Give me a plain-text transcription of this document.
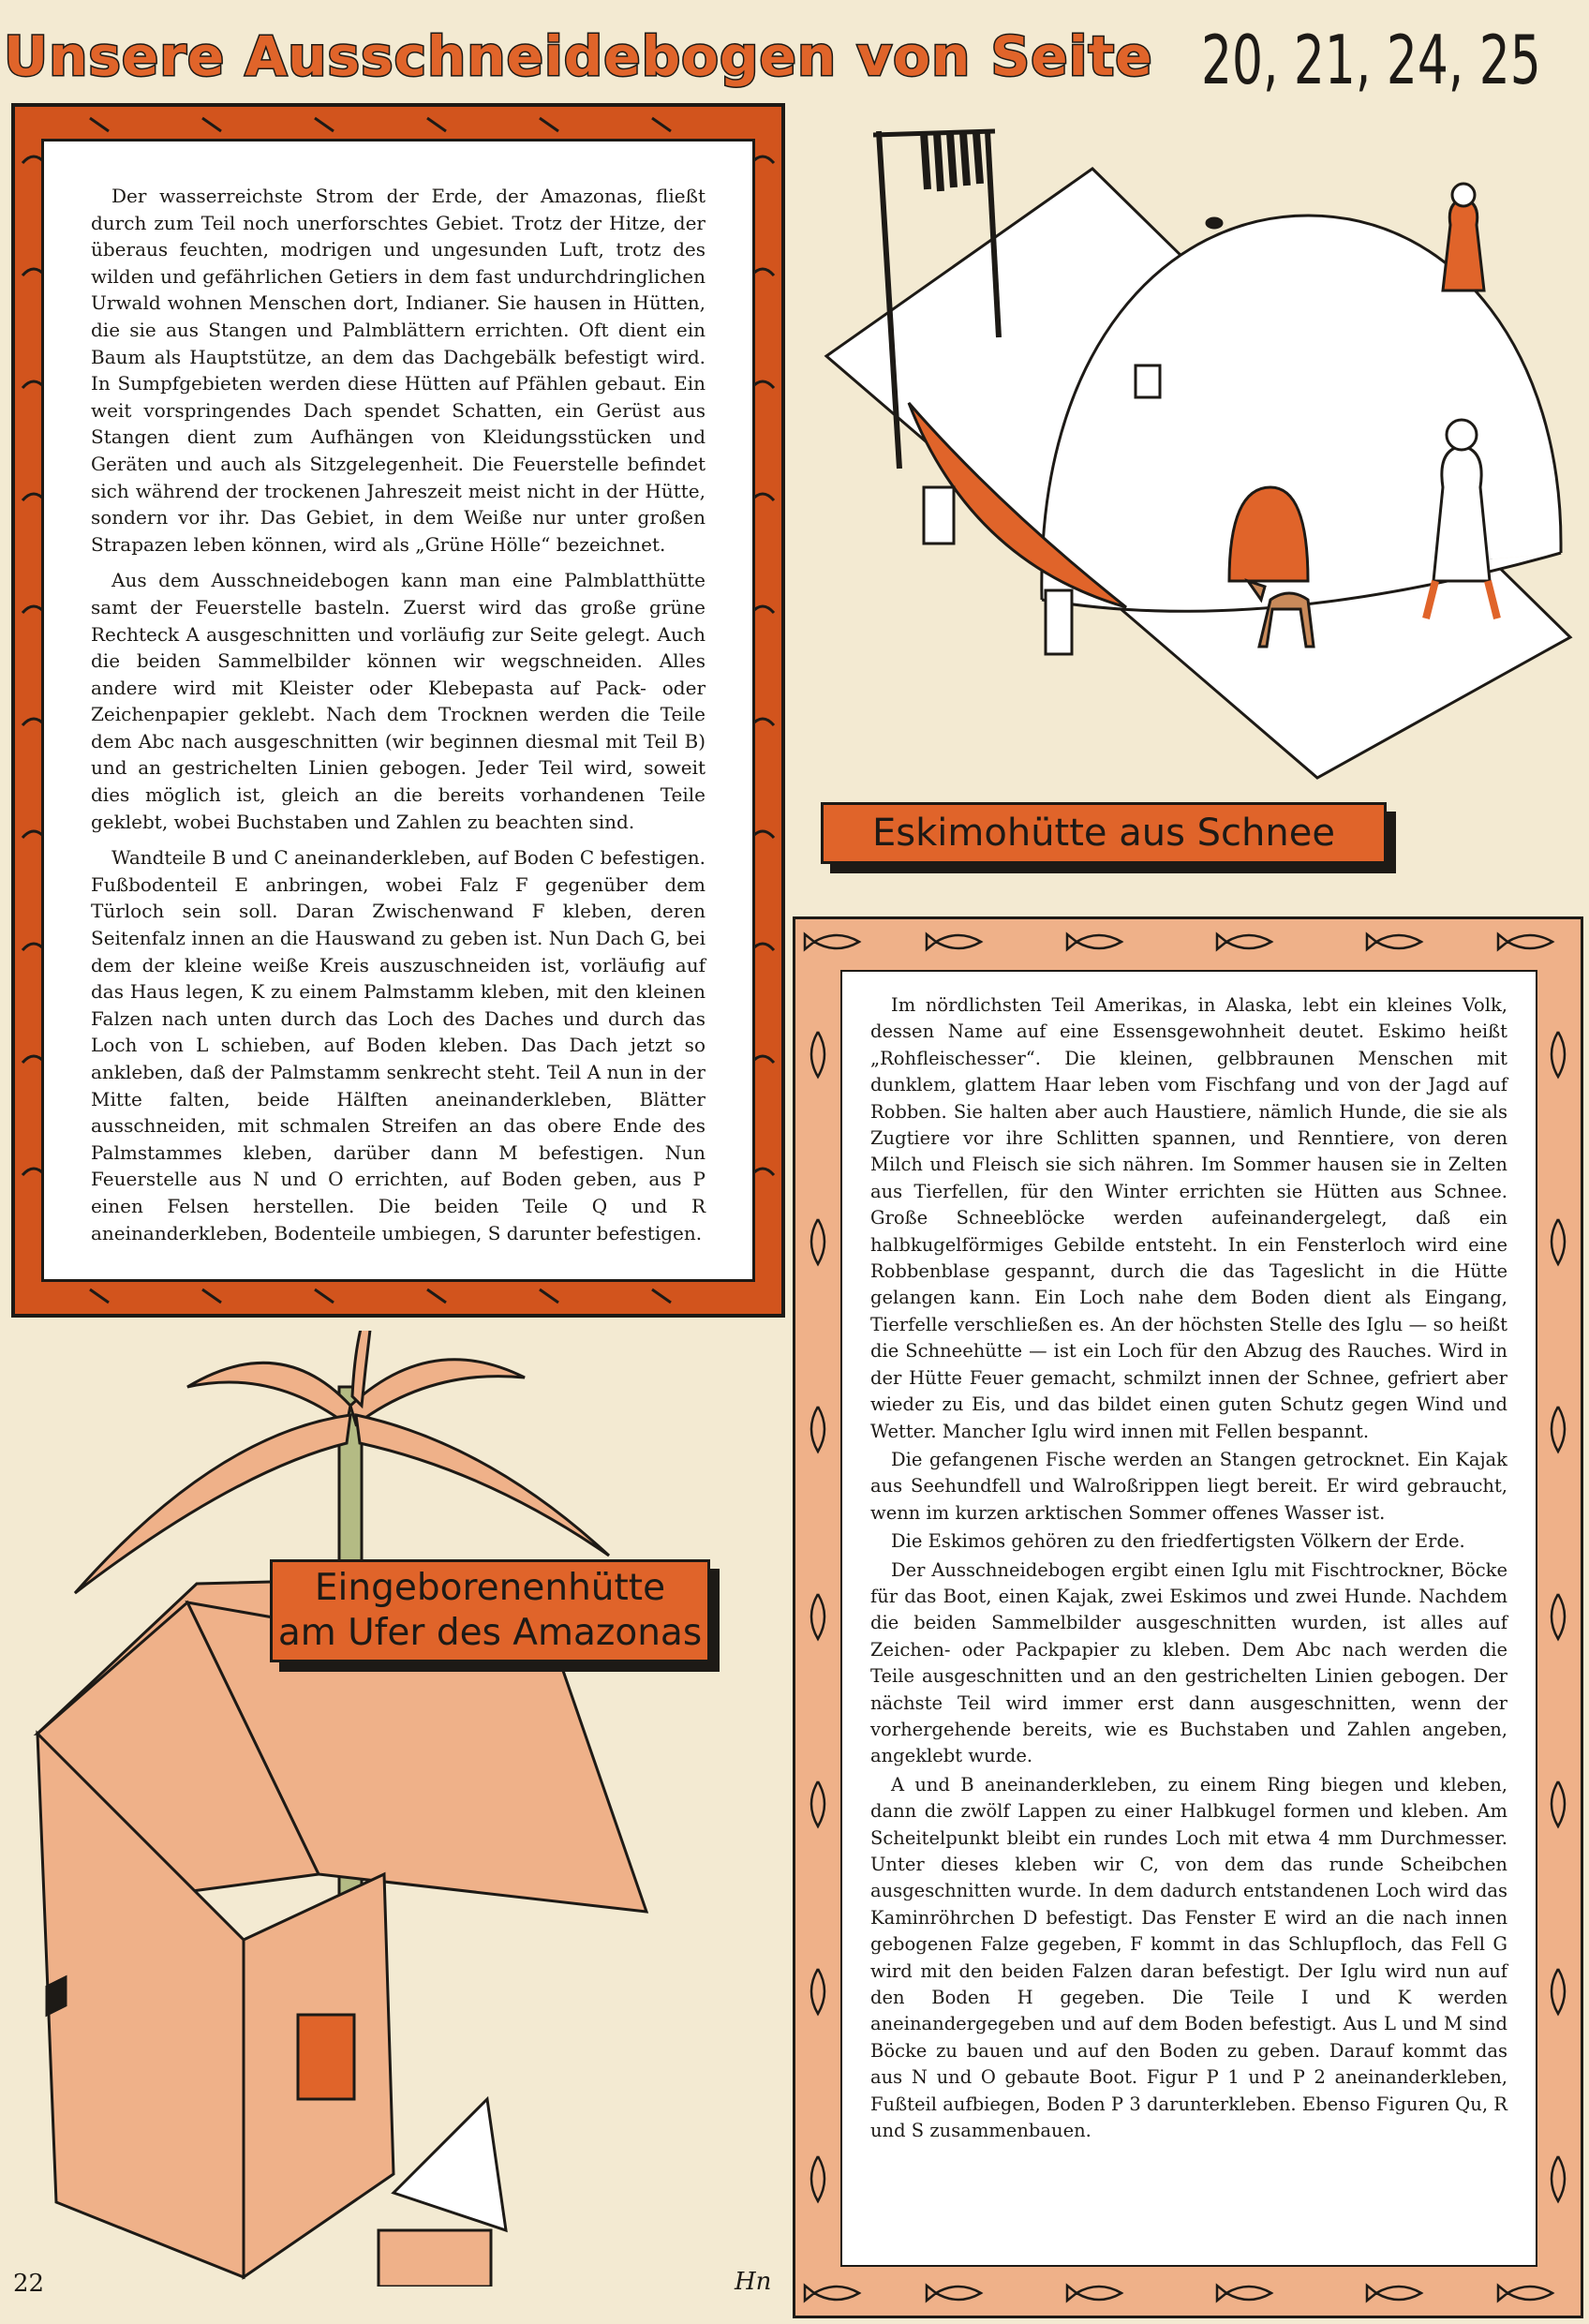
Unsere Ausschneidebogen von Seite 20, 21, 24, 25

Der wasserreichste Strom der Erde, der Amazonas, fließt durch zum Teil noch unerforschtes Gebiet. Trotz der Hitze, der überaus feuchten, modrigen und ungesunden Luft, trotz des wilden und gefährlichen Getiers in dem fast undurchdringlichen Urwald wohnen Menschen dort, Indianer. Sie hausen in Hütten, die sie aus Stangen und Palmblättern errichten. Oft dient ein Baum als Hauptstütze, an dem das Dachgebälk befestigt wird. In Sumpfgebieten werden diese Hütten auf Pfählen gebaut. Ein weit vorspringendes Dach spendet Schatten, ein Gerüst aus Stangen dient zum Aufhängen von Kleidungsstücken und Geräten und auch als Sitzgelegenheit. Die Feuerstelle befindet sich während der trockenen Jahreszeit meist nicht in der Hütte, sondern vor ihr. Das Gebiet, in dem Weiße nur unter großen Strapazen leben können, wird als „Grüne Hölle“ bezeichnet.

Aus dem Ausschneidebogen kann man eine Palmblatthütte samt der Feuerstelle basteln. Zuerst wird das große grüne Rechteck A ausgeschnitten und vorläufig zur Seite gelegt. Auch die beiden Sammelbilder können wir wegschneiden. Alles andere wird mit Kleister oder Klebepasta auf Pack- oder Zeichenpapier geklebt. Nach dem Trocknen werden die Teile dem Abc nach ausgeschnitten (wir beginnen diesmal mit Teil B) und an gestrichelten Linien gebogen. Jeder Teil wird, soweit dies möglich ist, gleich an die bereits vorhandenen Teile geklebt, wobei Buchstaben und Zahlen zu beachten sind.

Wandteile B und C aneinanderkleben, auf Boden C befestigen. Fußbodenteil E anbringen, wobei Falz F gegenüber dem Türloch sein soll. Daran Zwischenwand F kleben, deren Seitenfalz innen an die Hauswand zu geben ist. Nun Dach G, bei dem der kleine weiße Kreis auszuschneiden ist, vorläufig auf das Haus legen, K zu einem Palmstamm kleben, mit den kleinen Falzen nach unten durch das Loch des Daches und durch das Loch von L schieben, auf Boden kleben. Das Dach jetzt so ankleben, daß der Palmstamm senkrecht steht. Teil A nun in der Mitte falten, beide Hälften aneinanderkleben, Blätter ausschneiden, mit schmalen Streifen an das obere Ende des Palmstammes kleben, darüber dann M befestigen. Nun Feuerstelle aus N und O errichten, auf Boden geben, aus P einen Felsen herstellen. Die beiden Teile Q und R aneinanderkleben, Bodenteile umbiegen, S darunter befestigen.

Eskimohütte aus Schnee

Im nördlichsten Teil Amerikas, in Alaska, lebt ein kleines Volk, dessen Name auf eine Essensgewohnheit deutet. Eskimo heißt „Rohfleischesser“. Die kleinen, gelbbraunen Menschen mit dunklem, glattem Haar leben vom Fischfang und von der Jagd auf Robben. Sie halten aber auch Haustiere, nämlich Hunde, die sie als Zugtiere vor ihre Schlitten spannen, und Renntiere, von deren Milch und Fleisch sie sich nähren. Im Sommer hausen sie in Zelten aus Tierfellen, für den Winter errichten sie Hütten aus Schnee. Große Schneeblöcke werden aufeinandergelegt, daß ein halbkugelförmiges Gebilde entsteht. In ein Fensterloch wird eine Robbenblase gespannt, durch die das Tageslicht in die Hütte gelangen kann. Ein Loch nahe dem Boden dient als Eingang, Tierfelle verschließen es. An der höchsten Stelle des Iglu — so heißt die Schneehütte — ist ein Loch für den Abzug des Rauches. Wird in der Hütte Feuer gemacht, schmilzt innen der Schnee, gefriert aber wieder zu Eis, und das bildet einen guten Schutz gegen Wind und Wetter. Mancher Iglu wird innen mit Fellen bespannt.

Die gefangenen Fische werden an Stangen getrocknet. Ein Kajak aus Seehundfell und Walroßrippen liegt bereit. Er wird gebraucht, wenn im kurzen arktischen Sommer offenes Wasser ist.

Die Eskimos gehören zu den friedfertigsten Völkern der Erde.

Der Ausschneidebogen ergibt einen Iglu mit Fischtrockner, Böcke für das Boot, einen Kajak, zwei Eskimos und zwei Hunde. Nachdem die beiden Sammelbilder ausgeschnitten wurden, ist alles auf Zeichen- oder Packpapier zu kleben. Dem Abc nach werden die Teile ausgeschnitten und an den gestrichelten Linien gebogen. Der nächste Teil wird immer erst dann ausgeschnitten, wenn der vorhergehende bereits, wie es Buchstaben und Zahlen angeben, angeklebt wurde.

A und B aneinanderkleben, zu einem Ring biegen und kleben, dann die zwölf Lappen zu einer Halbkugel formen und kleben. Am Scheitelpunkt bleibt ein rundes Loch mit etwa 4 mm Durchmesser. Unter dieses kleben wir C, von dem das runde Scheibchen ausgeschnitten wurde. In dem dadurch entstandenen Loch wird das Kaminröhrchen D befestigt. Das Fenster E wird an die nach innen gebogenen Falze gegeben, F kommt in das Schlupfloch, das Fell G wird mit den beiden Falzen daran befestigt. Der Iglu wird nun auf den Boden H gegeben. Die Teile I und K werden aneinandergegeben und auf dem Boden befestigt. Aus L und M sind Böcke zu bauen und auf den Boden zu geben. Darauf kommt das aus N und O gebaute Boot. Figur P 1 und P 2 aneinanderkleben, Fußteil aufbiegen, Boden P 3 darunterkleben. Ebenso Figuren Qu, R und S zusammenbauen.

Eingeborenenhütte
am Ufer des Amazonas
22	Hn
